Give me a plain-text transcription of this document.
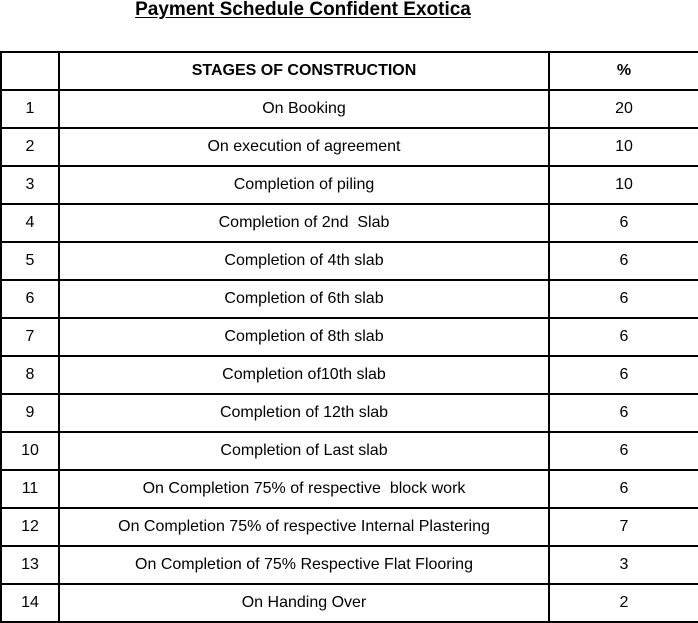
Payment Schedule Confident Exotica
	STAGES OF CONSTRUCTION	%
1	On Booking	20
2	On execution of agreement	10
3	Completion of piling	10
4	Completion of 2nd  Slab	6
5	Completion of 4th slab	6
6	Completion of 6th slab	6
7	Completion of 8th slab	6
8	Completion of10th slab	6
9	Completion of 12th slab	6
10	Completion of Last slab	6
11	On Completion 75% of respective  block work	6
12	On Completion 75% of respective Internal Plastering	7
13	On Completion of 75% Respective Flat Flooring	3
14	On Handing Over	2
